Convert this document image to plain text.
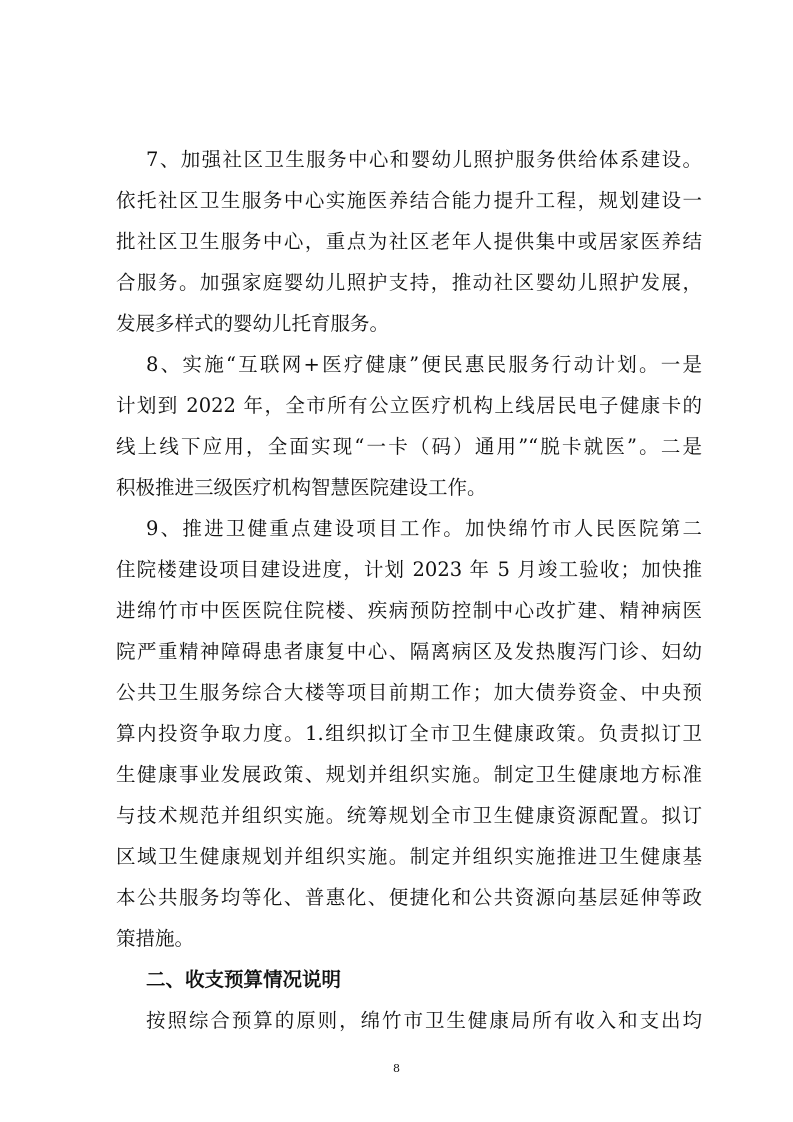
7、加强社区卫生服务中心和婴幼儿照护服务供给体系建设。
依托社区卫生服务中心实施医养结合能力提升工程，规划建设一
批社区卫生服务中心，重点为社区老年人提供集中或居家医养结
合服务。加强家庭婴幼儿照护支持，推动社区婴幼儿照护发展，
发展多样式的婴幼儿托育服务。
8、实施“互联网+医疗健康”便民惠民服务行动计划。一是
计划到 2022 年，全市所有公立医疗机构上线居民电子健康卡的
线上线下应用，全面实现“一卡（码）通用”“脱卡就医”。二是
积极推进三级医疗机构智慧医院建设工作。
9、推进卫健重点建设项目工作。加快绵竹市人民医院第二
住院楼建设项目建设进度，计划 2023 年 5 月竣工验收；加快推
进绵竹市中医医院住院楼、疾病预防控制中心改扩建、精神病医
院严重精神障碍患者康复中心、隔离病区及发热腹泻门诊、妇幼
公共卫生服务综合大楼等项目前期工作；加大债券资金、中央预
算内投资争取力度。1.组织拟订全市卫生健康政策。负责拟订卫
生健康事业发展政策、规划并组织实施。制定卫生健康地方标准
与技术规范并组织实施。统筹规划全市卫生健康资源配置。拟订
区域卫生健康规划并组织实施。制定并组织实施推进卫生健康基
本公共服务均等化、普惠化、便捷化和公共资源向基层延伸等政
策措施。
二、收支预算情况说明
按照综合预算的原则，绵竹市卫生健康局所有收入和支出均
8
